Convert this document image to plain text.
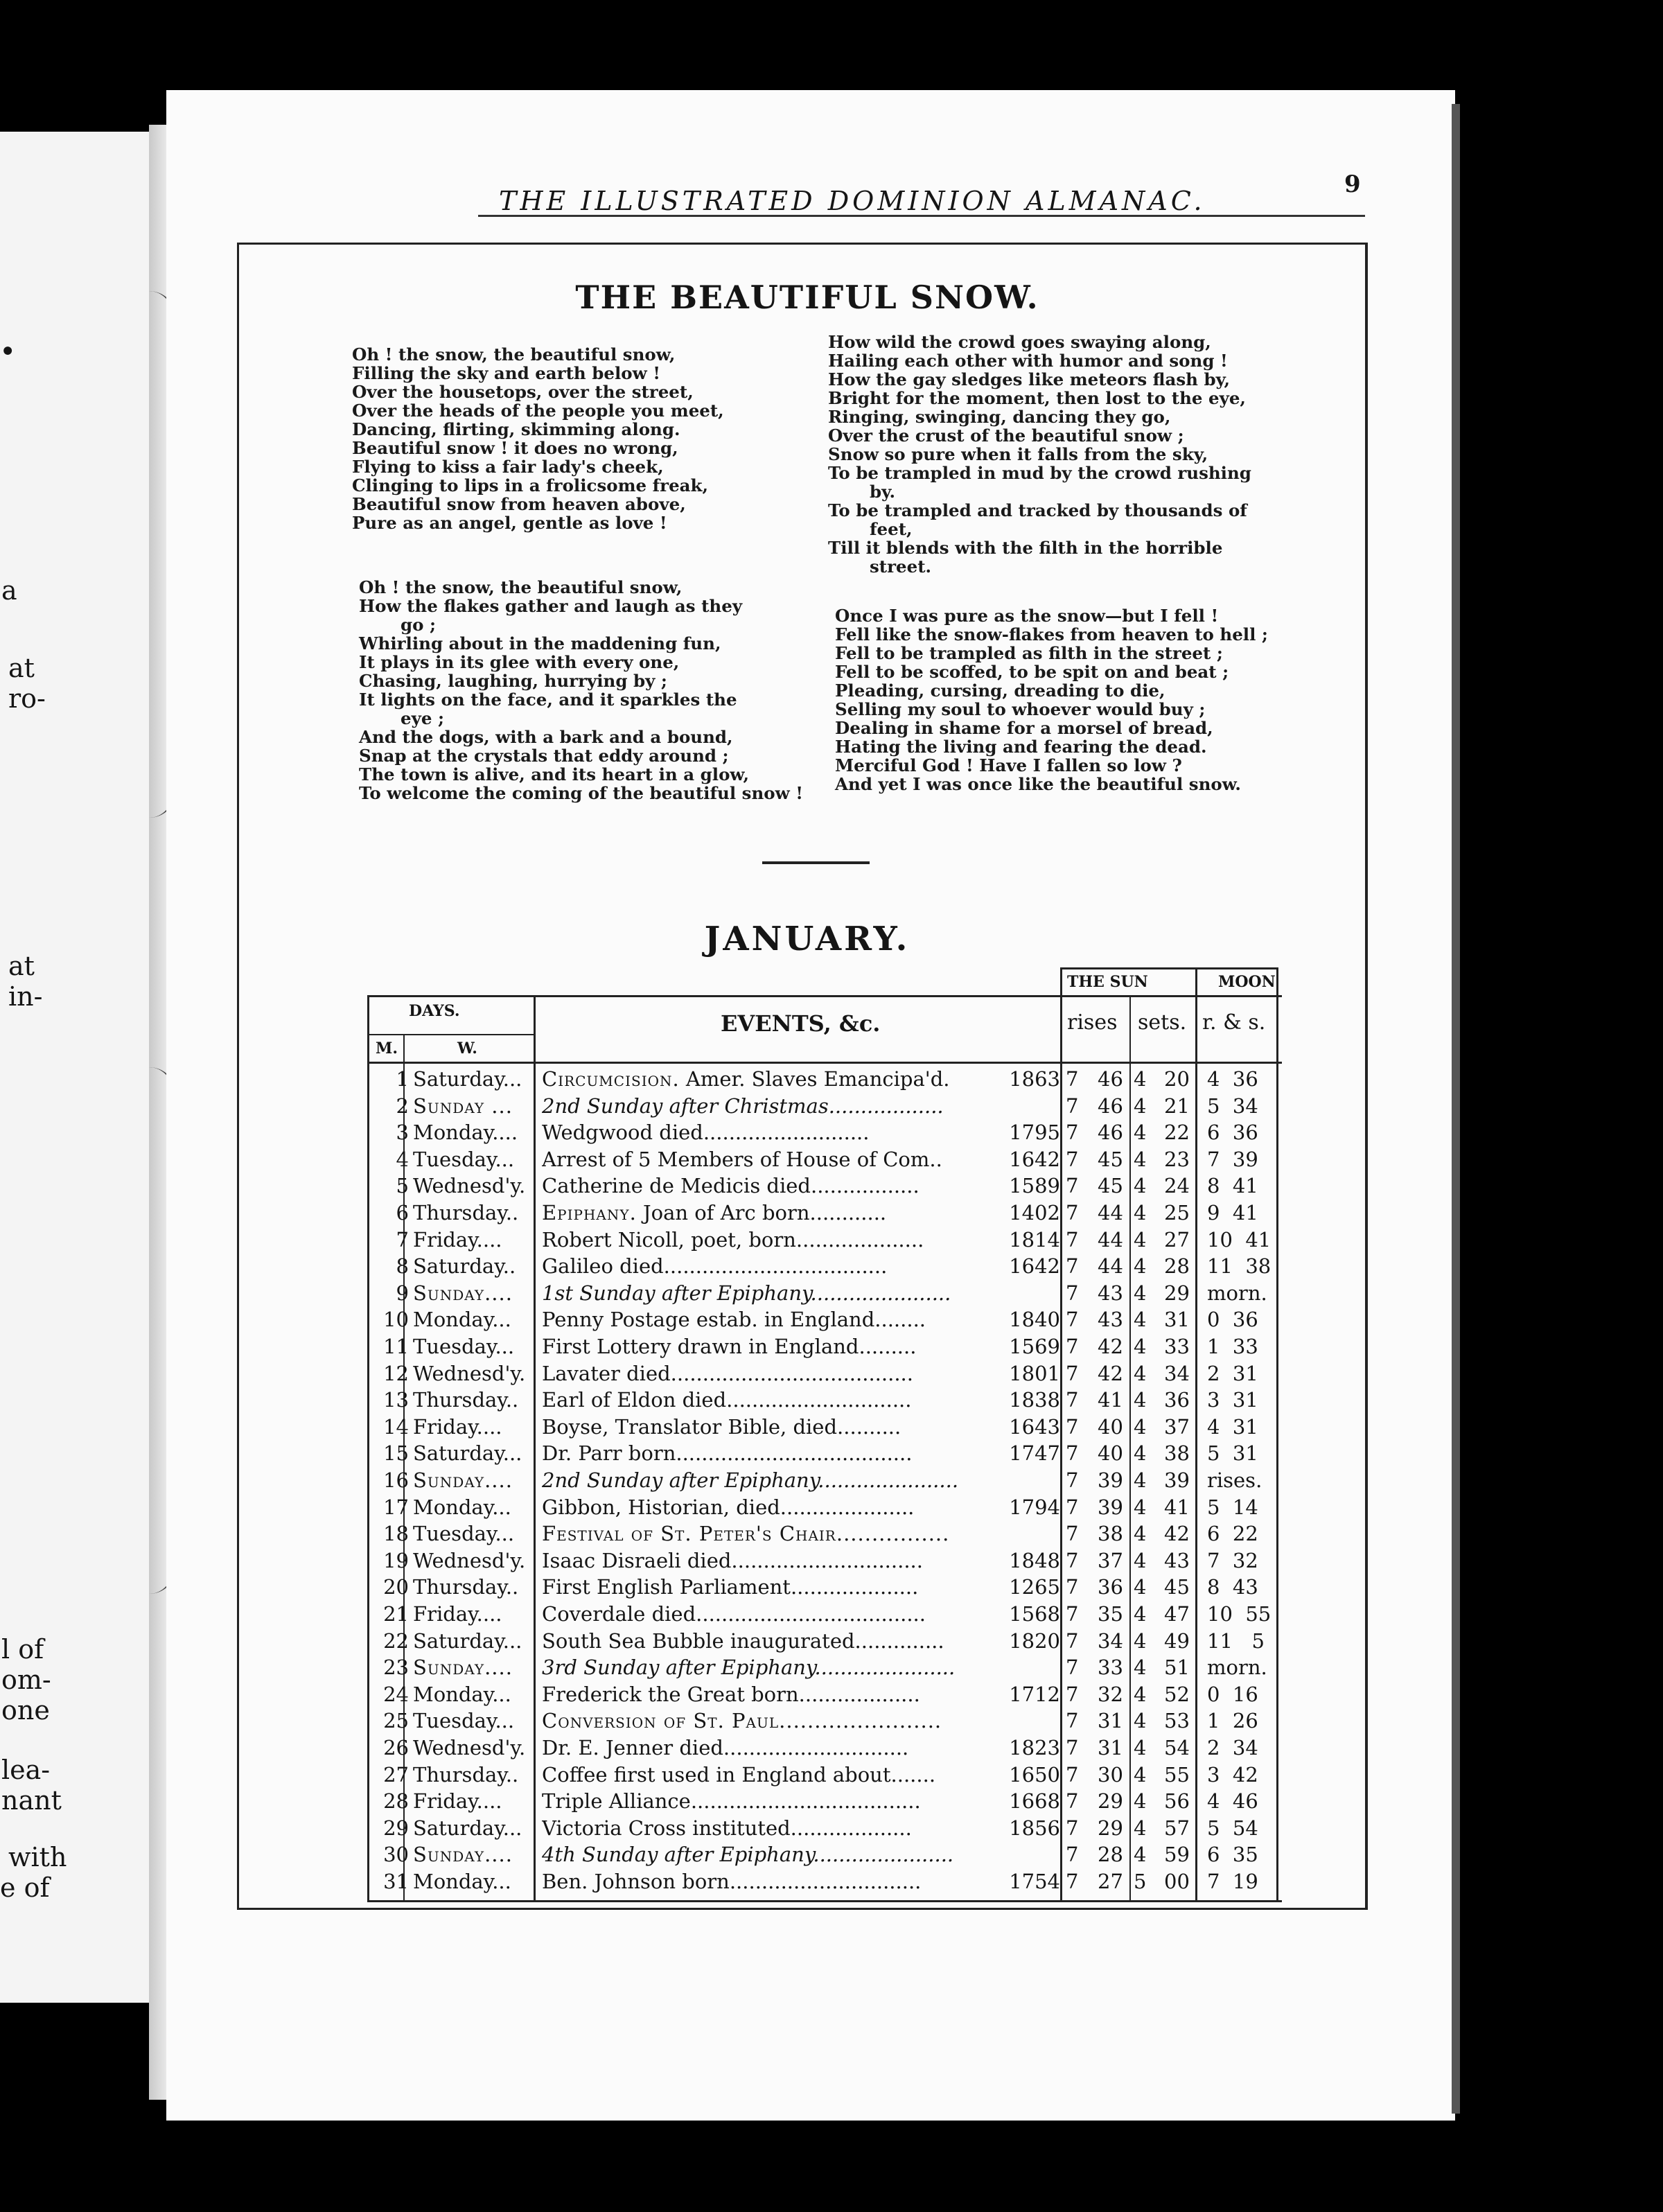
.
a
at
ro-
at
in-
l of
om-
one
lea-
nant
with
e of
THE ILLUSTRATED DOMINION ALMANAC.
9
THE BEAUTIFUL SNOW.
Oh ! the snow, the beautiful snow,
Filling the sky and earth below !
Over the housetops, over the street,
Over the heads of the people you meet,
Dancing, flirting, skimming along.
Beautiful snow ! it does no wrong,
Flying to kiss a fair lady's cheek,
Clinging to lips in a frolicsome freak,
Beautiful snow from heaven above,
Pure as an angel, gentle as love !
Oh ! the snow, the beautiful snow,
How the flakes gather and laugh as they
go ;
Whirling about in the maddening fun,
It plays in its glee with every one,
Chasing, laughing, hurrying by ;
It lights on the face, and it sparkles the
eye ;
And the dogs, with a bark and a bound,
Snap at the crystals that eddy around ;
The town is alive, and its heart in a glow,
To welcome the coming of the beautiful snow !
How wild the crowd goes swaying along,
Hailing each other with humor and song !
How the gay sledges like meteors flash by,
Bright for the moment, then lost to the eye,
Ringing, swinging, dancing they go,
Over the crust of the beautiful snow ;
Snow so pure when it falls from the sky,
To be trampled in mud by the crowd rushing
by.
To be trampled and tracked by thousands of
feet,
Till it blends with the filth in the horrible
street.
Once I was pure as the snow—but I fell !
Fell like the snow-flakes from heaven to hell ;
Fell to be trampled as filth in the street ;
Fell to be scoffed, to be spit on and beat ;
Pleading, cursing, dreading to die,
Selling my soul to whoever would buy ;
Dealing in shame for a morsel of bread,
Hating the living and fearing the dead.
Merciful God ! Have I fallen so low ?
And yet I was once like the beautiful snow.
JANUARY.
DAYS.
M.	W.
EVENTS, &c.
THE SUN
rises sets.
MOON
r. & s.
1 Saturday... Circumcision. Amer. Slaves Emancipa'd.	1863 7 46 4 20 4  36
2 Sunday ... 2nd Sunday after Christmas..................	7 46 4 21 5  34
3 Monday.... Wedgwood died..........................	1795 7 46 4 22 6  36
4 Tuesday... Arrest of 5 Members of House of Com..	1642 7 45 4 23 7  39
5 Wednesd'y. Catherine de Medicis died.................	1589 7 45 4 24 8  41
6 Thursday.. Epiphany. Joan of Arc born............	1402 7 44 4 25 9  41
7 Friday.... Robert Nicoll, poet, born....................	1814 7 44 4 27 10  41
8 Saturday.. Galileo died...................................	1642 7 44 4 28 11  38
9 Sunday.... 1st Sunday after Epiphany......................	7 43 4 29 morn.
10 Monday... Penny Postage estab. in England........	1840 7 43 4 31 0  36
11 Tuesday... First Lottery drawn in England.........	1569 7 42 4 33 1  33
12 Wednesd'y. Lavater died......................................	1801 7 42 4 34 2  31
13 Thursday.. Earl of Eldon died.............................	1838 7 41 4 36 3  31
14 Friday.... Boyse, Translator Bible, died..........	1643 7 40 4 37 4  31
15 Saturday... Dr. Parr born.....................................	1747 7 40 4 38 5  31
16 Sunday.... 2nd Sunday after Epiphany......................	7 39 4 39 rises.
17 Monday... Gibbon, Historian, died.....................	1794 7 39 4 41 5  14
18 Tuesday... Festival of St. Peter's Chair................	7 38 4 42 6  22
19 Wednesd'y. Isaac Disraeli died..............................	1848 7 37 4 43 7  32
20 Thursday.. First English Parliament....................	1265 7 36 4 45 8  43
21 Friday.... Coverdale died....................................	1568 7 35 4 47 10  55
22 Saturday... South Sea Bubble inaugurated..............	1820 7 34 4 49 11   5
23 Sunday.... 3rd Sunday after Epiphany......................	7 33 4 51 morn.
24 Monday... Frederick the Great born...................	1712 7 32 4 52 0  16
25 Tuesday... Conversion of St. Paul.......................	7 31 4 53 1  26
26 Wednesd'y. Dr. E. Jenner died.............................	1823 7 31 4 54 2  34
27 Thursday.. Coffee first used in England about.......	1650 7 30 4 55 3  42
28 Friday.... Triple Alliance....................................	1668 7 29 4 56 4  46
29 Saturday... Victoria Cross instituted...................	1856 7 29 4 57 5  54
30 Sunday.... 4th Sunday after Epiphany......................	7 28 4 59 6  35
31 Monday... Ben. Johnson born..............................	1754 7 27 5 00 7  19
